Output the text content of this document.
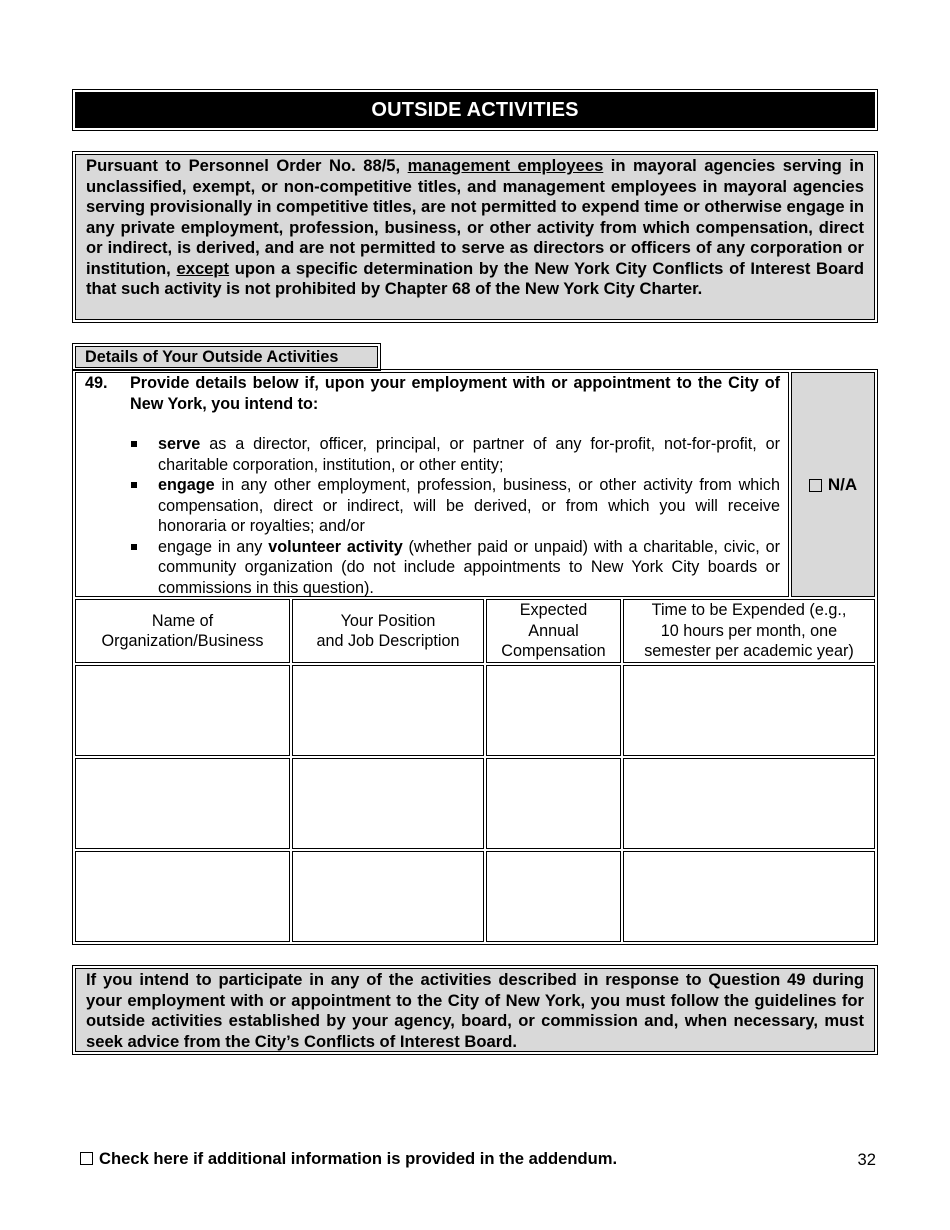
OUTSIDE ACTIVITIES
Pursuant to Personnel Order No. 88/5, management employees in mayoral agencies serving in unclassified, exempt, or non-competitive titles, and management employees in mayoral agencies serving provisionally in competitive titles, are not permitted to expend time or otherwise engage in any private employment, profession, business, or other activity from which compensation, direct or indirect, is derived, and are not permitted to serve as directors or officers of any corporation or institution, except upon a specific determination by the New York City Conflicts of Interest Board that such activity is not prohibited by Chapter 68 of the New York City Charter.
Details of Your Outside Activities
49. Provide details below if, upon your employment with or appointment to the City of New York, you intend to:
serve as a director, officer, principal, or partner of any for-profit, not-for-profit, or charitable corporation, institution, or other entity;
engage in any other employment, profession, business, or other activity from which compensation, direct or indirect, will be derived, or from which you will receive honoraria or royalties; and/or
engage in any volunteer activity (whether paid or unpaid) with a charitable, civic, or community organization (do not include appointments to New York City boards or commissions in this question).
N/A
Name of
Organization/Business
Your Position
and Job Description
Expected
Annual
Compensation
Time to be Expended (e.g.,
10 hours per month, one
semester per academic year)
If you intend to participate in any of the activities described in response to Question 49 during your employment with or appointment to the City of New York, you must follow the guidelines for outside activities established by your agency, board, or commission and, when necessary, must seek advice from the City’s Conflicts of Interest Board.
Check here if additional information is provided in the addendum.	32
